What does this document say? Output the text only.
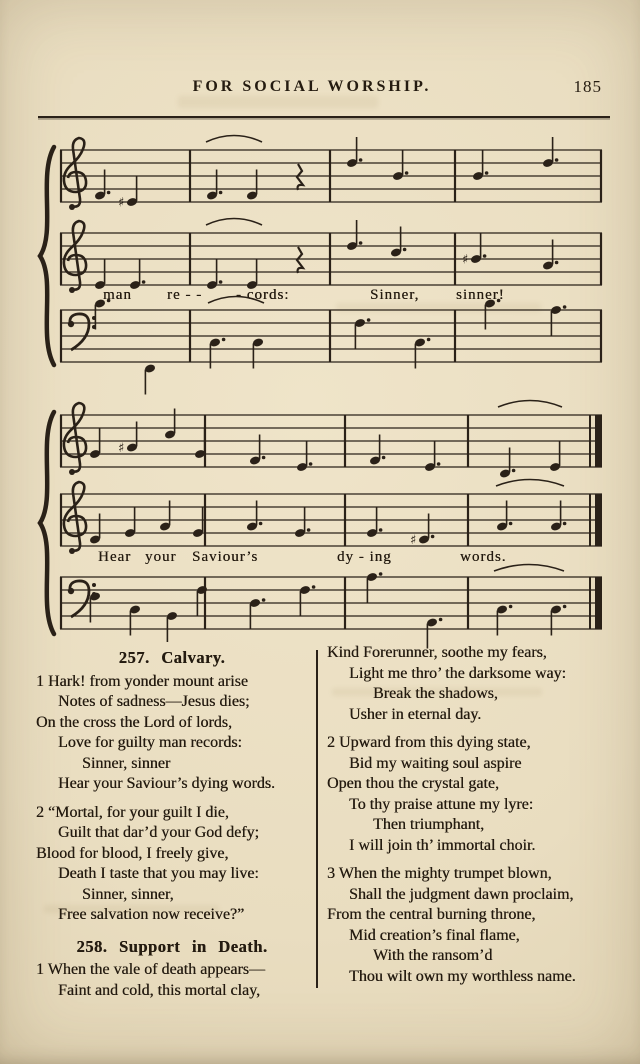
FOR SOCIAL WORSHIP.	185
♯
♯
♯
♯
man re - - - cords:	Sinner, sinner!
Hear your Saviour’s	dy - ing	words.
257. Calvary.
1 Hark! from yonder mount arise
Notes of sadness—Jesus dies;
On the cross the Lord of lords,
Love for guilty man records:
Sinner, sinner
Hear your Saviour’s dying words.
2 “Mortal, for your guilt I die,
Guilt that dar’d your God defy;
Blood for blood, I freely give,
Death I taste that you may live:
Sinner, sinner,
Free salvation now receive?”
258. Support in Death.
1 When the vale of death appears—
Faint and cold, this mortal clay,
Kind Forerunner, soothe my fears,
Light me thro’ the darksome way:
Break the shadows,
Usher in eternal day.
2 Upward from this dying state,
Bid my waiting soul aspire
Open thou the crystal gate,
To thy praise attune my lyre:
Then triumphant,
I will join th’ immortal choir.
3 When the mighty trumpet blown,
Shall the judgment dawn proclaim,
From the central burning throne,
Mid creation’s final flame,
With the ransom’d
Thou wilt own my worthless name.
